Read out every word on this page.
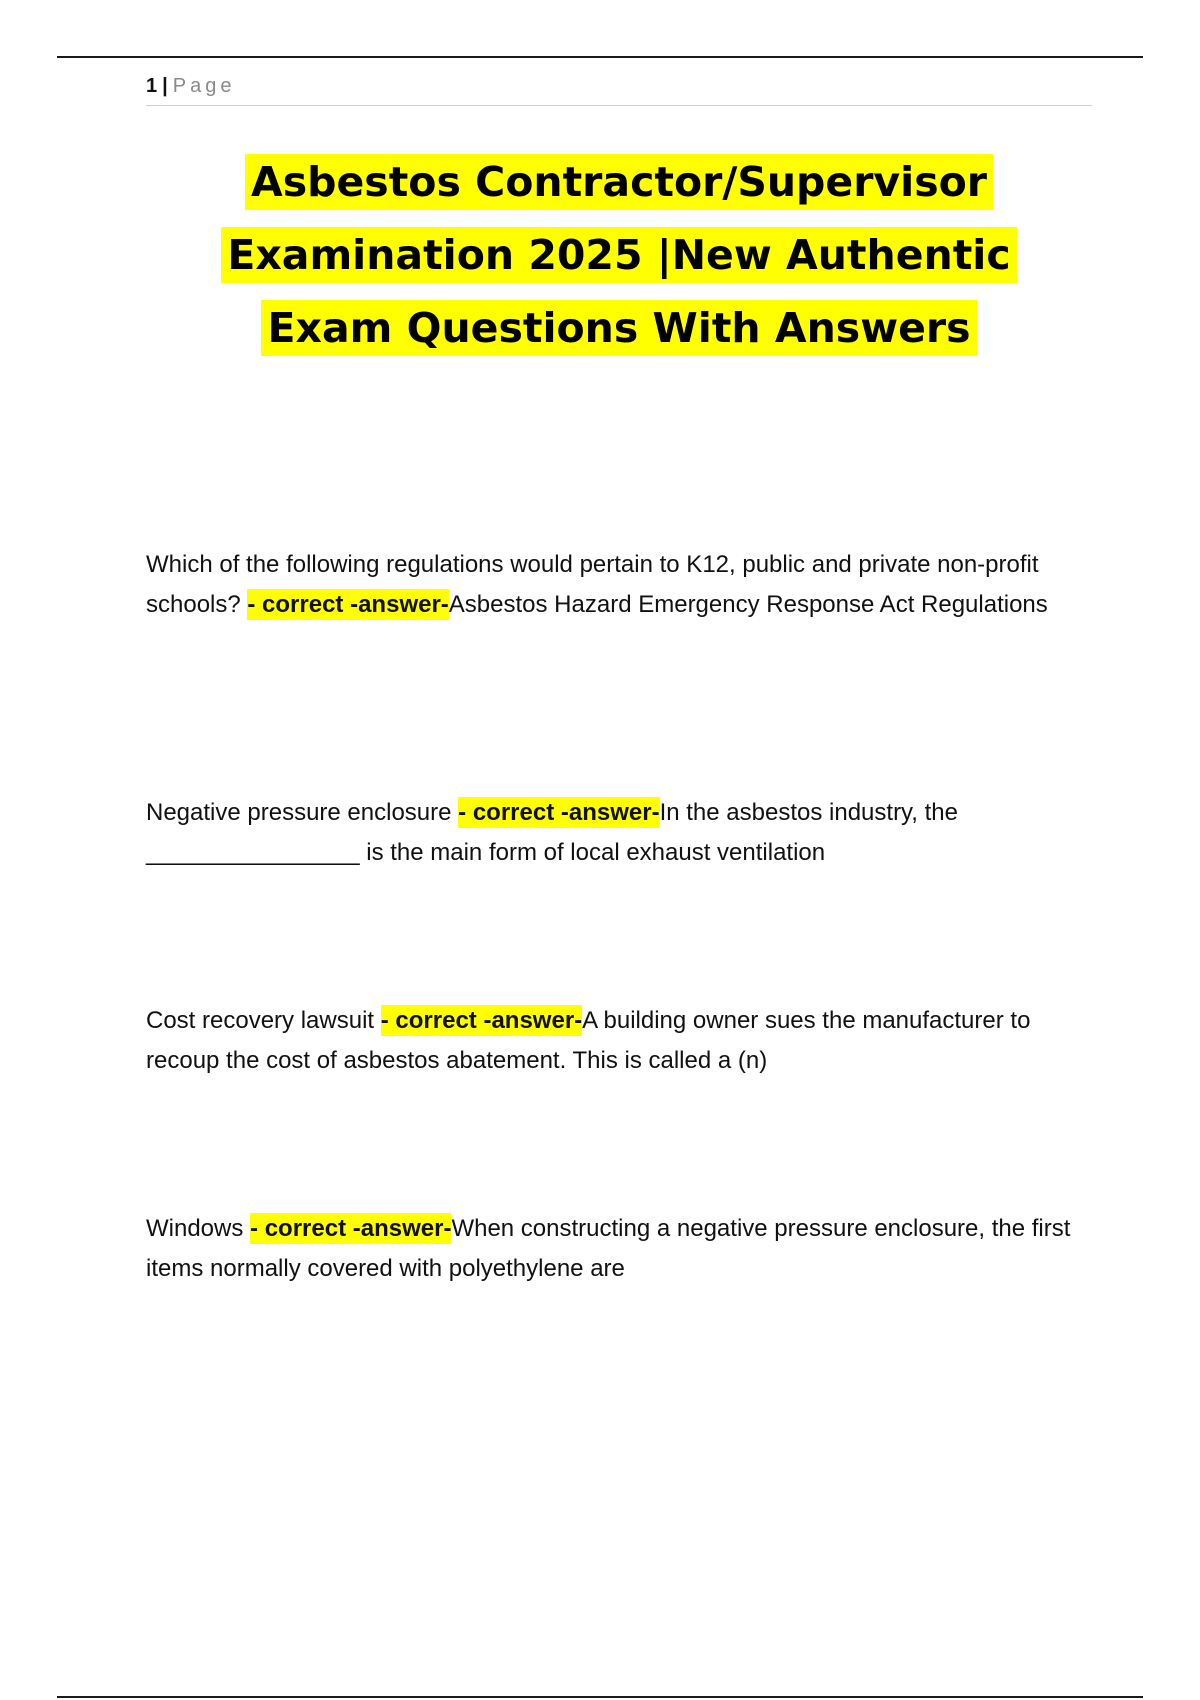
1 | Page
Asbestos Contractor/Supervisor
Examination 2025 |New Authentic
Exam Questions With Answers

Which of the following regulations would pertain to K12, public and private non-profit schools? - correct -answer-Asbestos Hazard Emergency Response Act Regulations

Negative pressure enclosure - correct -answer-In the asbestos industry, the ________________ is the main form of local exhaust ventilation

Cost recovery lawsuit - correct -answer-A building owner sues the manufacturer to recoup the cost of asbestos abatement. This is called a (n)

Windows - correct -answer-When constructing a negative pressure enclosure, the first items normally covered with polyethylene are
